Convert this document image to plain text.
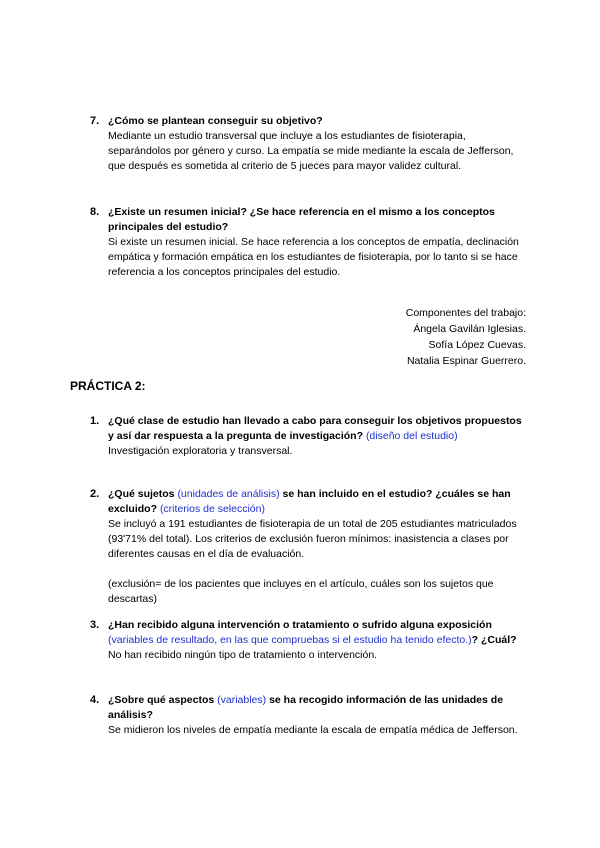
7. ¿Cómo se plantean conseguir su objetivo?
Mediante un estudio transversal que incluye a los estudiantes de fisioterapia, separándolos por género y curso. La empatía se mide mediante la escala de Jefferson, que después es sometida al criterio de 5 jueces para mayor validez cultural.
8. ¿Existe un resumen inicial? ¿Se hace referencia en el mismo a los conceptos principales del estudio?
Si existe un resumen inicial. Se hace referencia a los conceptos de empatía, declinación empática y formación empática en los estudiantes de fisioterapia, por lo tanto si se hace referencia a los conceptos principales del estudio.
Componentes del trabajo:
Ángela Gavilán Iglesias.
Sofía López Cuevas.
Natalia Espinar Guerrero.
PRÁCTICA 2:
1. ¿Qué clase de estudio han llevado a cabo para conseguir los objetivos propuestos y así dar respuesta a la pregunta de investigación? (diseño del estudio)
Investigación exploratoria y transversal.
2. ¿Qué sujetos (unidades de análisis) se han incluido en el estudio? ¿cuáles se han excluido? (criterios de selección)
Se incluyó a 191 estudiantes de fisioterapia de un total de 205 estudiantes matriculados (93'71% del total). Los criterios de exclusión fueron mínimos: inasistencia a clases por diferentes causas en el día de evaluación.
(exclusión= de los pacientes que incluyes en el artículo, cuáles son los sujetos que descartas)
3. ¿Han recibido alguna intervención o tratamiento o sufrido alguna exposición (variables de resultado, en las que compruebas si el estudio ha tenido efecto.)? ¿Cuál?
No han recibido ningún tipo de tratamiento o intervención.
4. ¿Sobre qué aspectos (variables) se ha recogido información de las unidades de análisis?
Se midieron los niveles de empatía mediante la escala de empatía médica de Jefferson.
